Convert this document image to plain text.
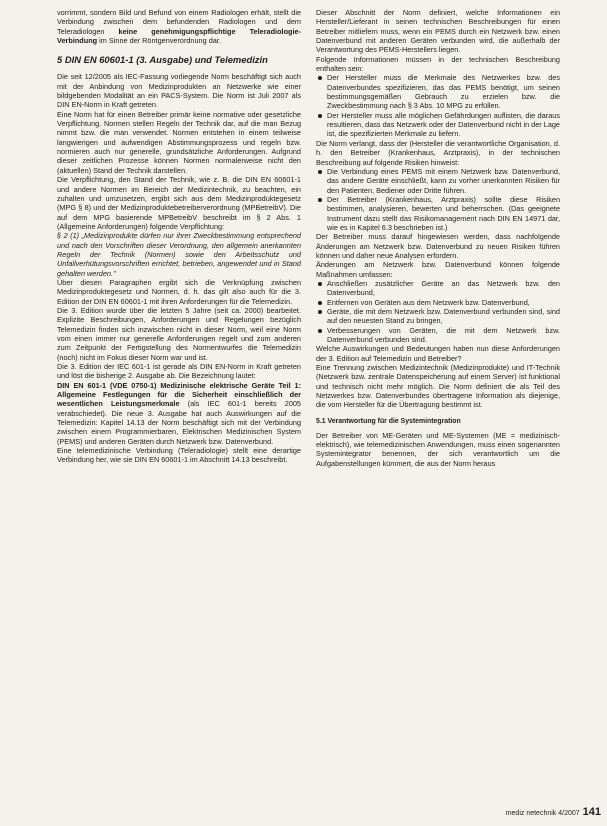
vorrimmt, sondern Bild und Befund von einem Radiologen erhält, stellt die Verbindung zwischen dem befundenden Radiologen und dem Teleradiologen keine genehmigungspflichtige Teleradiologie-Verbindung im Sinne der Röntgenverordnung dar.

5 DIN EN 60601-1 (3. Ausgabe) und Telemedizin

Die seit 12/2005 als IEC-Fassung vorliegende Norm beschäftigt sich auch mit der Anbindung von Medizinprodukten an Netzwerke wie einer bildgebenden Modalität an ein PACS-System. Die Norm ist Juli 2007 als DIN EN-Norm in Kraft getreten.

Eine Norm hat für einen Betreiber primär keine normative oder gesetzliche Verpflichtung. Normen stellen Regeln der Technik dar, auf die man Bezug nimmt bzw. die man verwendet. Normen entstehen in einem teilweise langwierigen und aufwendigen Abstimmungsprozess und regeln bzw. normieren auch nur generelle, grundsätzliche Anforderungen. Aufgrund dieser zeitlichen Prozesse können Normen normalerweise nicht den (aktuellen) Stand der Technik darstellen.

Die Verpflichtung, den Stand der Technik, wie z. B. die DIN EN 60601-1 und andere Normen im Bereich der Medizintechnik, zu beachten, ein zuhalten und umzusetzen, ergibt sich aus dem Medizinproduktegesetz (MPG § 8) und der Medizinproduktebetreiberverordnung (MPBetreibV). Die auf dem MPG basierende MPBetreibV beschreibt im § 2 Abs. 1 (Allgemeine Anforderungen) folgende Verpflichtung:

§ 2 (1) „Medizinprodukte dürfen nur ihrer Zweckbestimmung entsprechend und nach den Vorschriften dieser Verordnung, den allgemein anerkannten Regeln der Technik (Normen) sowie den Arbeitsschutz und Unfallverhütungsvorschriften errichtet, betrieben, angewendet und in Stand gehalten werden."

Über diesen Paragraphen ergibt sich die Verknüpfung zwischen Medizinproduktegesetz und Normen, d. h. das gilt also auch für die 3. Edition der DIN EN 60601-1 mit ihren Anforderungen für die Telemedizin.

Die 3. Edition wurde über die letzten 5 Jahre (seit ca. 2000) bearbeitet. Explizite Beschreibungen, Anforderungen und Regelungen bezüglich Telemedizin finden sich inzwischen nicht in dieser Norm, weil eine Norm vom einen immer nur generelle Anforderungen regelt und zum anderen zum Zeitpunkt der Fertigstellung des Normentwurfes die Telemedizin (noch) nicht im Fokus dieser Norm war und ist.

Die 3. Edition der IEC 601-1 ist gerade als DIN EN-Norm in Kraft getreten und löst die bisherige 2. Ausgabe ab. Die Bezeichnung lautet:

DIN EN 601-1 (VDE 0750-1) Medizinische elektrische Geräte Teil 1: Allgemeine Festlegungen für die Sicherheit einschließlich der wesentlichen Leistungsmerkmale (als IEC 601-1 bereits 2005 verabschiedet). Die neue 3. Ausgabe hat auch Auswirkungen auf die Telemedizin: Kapitel 14.13 der Norm beschäftigt sich mit der Verbindung zwischen einem Programmierbaren, Elektrischen Medizinischen System (PEMS) und anderen Geräten durch Netzwerk bzw. Datenverbund.

Eine telemedizinische Verbindung (Teleradiologie) stellt eine derartige Verbindung her, wie sie DIN EN 60601-1 im Abschnitt 14.13 beschreibt.

Dieser Abschnitt der Norm definiert, welche Informationen ein Hersteller/Lieferant in seinen technischen Beschreibungen für einen Betreiber mitliefern muss, wenn ein PEMS durch ein Netzwerk bzw. einen Datenverbund mit anderen Geräten verbunden wird, die außerhalb der Verantwortung des PEMS-Herstellers liegen.

Folgende Informationen müssen in der technischen Beschreibung enthalten sein:

Der Hersteller muss die Merkmale des Netzwerkes bzw. des Datenverbundes spezifizieren, das das PEMS benötigt, um seinen bestimmungsgemäßen Gebrauch zu erzielen bzw. die Zweckbestimmung nach § 3 Abs. 10 MPG zu erfüllen.
Der Hersteller muss alle möglichen Gefährdungen auflisten, die daraus resultieren, dass das Netzwerk oder der Datenverbund nicht in der Lage ist, die spezifizierten Merkmale zu liefern.

Die Norm verlangt, dass der (Hersteller die verantwortliche Organisation, d. h. den Betreiber (Krankenhaus, Arztpraxis), in der technischen Beschreibung auf folgende Risiken hinweist:

Die Verbindung eines PEMS mit einem Netzwerk bzw. Datenverbund, das andere Geräte einschließt, kann zu vorher unerkannten Risiken für den Patienten, Bediener oder Dritte führen.
Der Betreiber (Krankenhaus, Arztpraxis) sollte diese Risiken bestimmen, analysieren, bewerten und beherrschen. (Das geeignete Instrument dazu stellt das Risikomanagement nach DIN EN 14971 dar, wie es in Kapitel 6.3 beschrieben ist.)

Der Betreiber muss darauf hingewiesen werden, dass nachfolgende Änderungen am Netzwerk bzw. Datenverbund zu neuen Risiken führen können und daher neue Analysen erfordern.

Änderungen am Netzwerk bzw. Datenverbund können folgende Maßnahmen umfassen:

Anschließen zusätzlicher Geräte an das Netzwerk bzw. den Datenverbund,
Entfernen von Geräten aus dem Netzwerk bzw. Datenverbund,
Geräte, die mit dem Netzwerk bzw. Datenverbund verbunden sind, sind auf den neuesten Stand zu bringen,
Verbesserungen von Geräten, die mit dem Netzwerk bzw. Datenverbund verbunden sind.

Welche Auswirkungen und Bedeutungen haben nun diese Anforderungen der 3. Edition auf Telemedizin und Betreiber?

Eine Trennung zwischen Medizintechnik (Medizinprodukte) und IT-Technik (Netzwerk bzw. zentrale Datenspeicherung auf einem Server) ist funktional und technisch nicht mehr möglich. Die Norm definiert die als Teil des Netzwerkes bzw. Datenverbundes übertragene Information als diejenige, die vom Hersteller für die Übertragung bestimmt ist.

5.1 Verantwortung für die Systemintegration

Der Betreiber von ME-Geräten und ME-Systemen (ME = medizinisch-elektrisch), wie telemedizinischen Anwendungen, muss einen sogenannten Systemintegrator benennen, der sich verantwortlich um die Aufgabenstellungen kümmert, die aus der Norm heraus

mediz netechnik 4/2007 141
